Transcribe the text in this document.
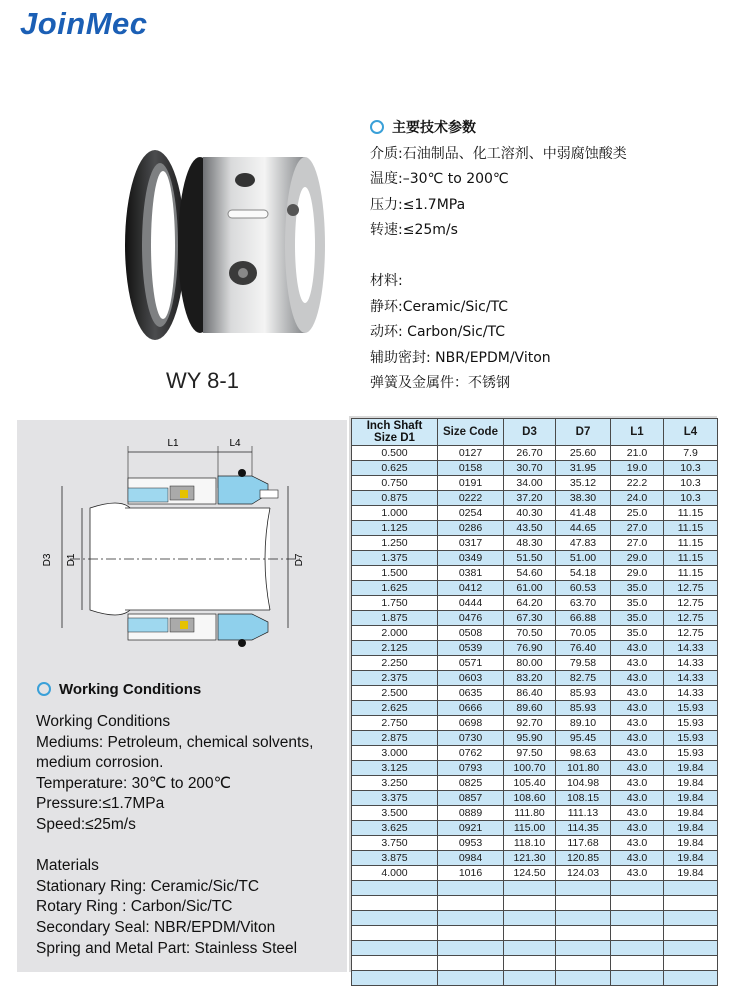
JoinMec
WY 8-1
主要技术参数
介质:石油制品、化工溶剂、中弱腐蚀酸类
温度:–30℃ to 200℃
压力:≤1.7MPa
转速:≤25m/s

材料:
静环:Ceramic/Sic/TC
动环: Carbon/Sic/TC
辅助密封: NBR/EPDM/Viton
弹簧及金属件：不锈钢
L1	L4
D3 D1	D7
Working Conditions
Working Conditions
Mediums: Petroleum, chemical solvents,
medium corrosion.
Temperature: 30℃ to 200℃
Pressure:≤1.7MPa
Speed:≤25m/s

Materials
Stationary Ring: Ceramic/Sic/TC
Rotary Ring : Carbon/Sic/TC
Secondary Seal: NBR/EPDM/Viton
Spring and Metal Part: Stainless Steel
Inch Shaft
Size D1	Size Code	D3	D7	L1	L4
0.500	0127	26.70	25.60	21.0	7.9
0.625	0158	30.70	31.95	19.0	10.3
0.750	0191	34.00	35.12	22.2	10.3
0.875	0222	37.20	38.30	24.0	10.3
1.000	0254	40.30	41.48	25.0	11.15
1.125	0286	43.50	44.65	27.0	11.15
1.250	0317	48.30	47.83	27.0	11.15
1.375	0349	51.50	51.00	29.0	11.15
1.500	0381	54.60	54.18	29.0	11.15
1.625	0412	61.00	60.53	35.0	12.75
1.750	0444	64.20	63.70	35.0	12.75
1.875	0476	67.30	66.88	35.0	12.75
2.000	0508	70.50	70.05	35.0	12.75
2.125	0539	76.90	76.40	43.0	14.33
2.250	0571	80.00	79.58	43.0	14.33
2.375	0603	83.20	82.75	43.0	14.33
2.500	0635	86.40	85.93	43.0	14.33
2.625	0666	89.60	85.93	43.0	15.93
2.750	0698	92.70	89.10	43.0	15.93
2.875	0730	95.90	95.45	43.0	15.93
3.000	0762	97.50	98.63	43.0	15.93
3.125	0793	100.70	101.80	43.0	19.84
3.250	0825	105.40	104.98	43.0	19.84
3.375	0857	108.60	108.15	43.0	19.84
3.500	0889	111.80	111.13	43.0	19.84
3.625	0921	115.00	114.35	43.0	19.84
3.750	0953	118.10	117.68	43.0	19.84
3.875	0984	121.30	120.85	43.0	19.84
4.000	1016	124.50	124.03	43.0	19.84
